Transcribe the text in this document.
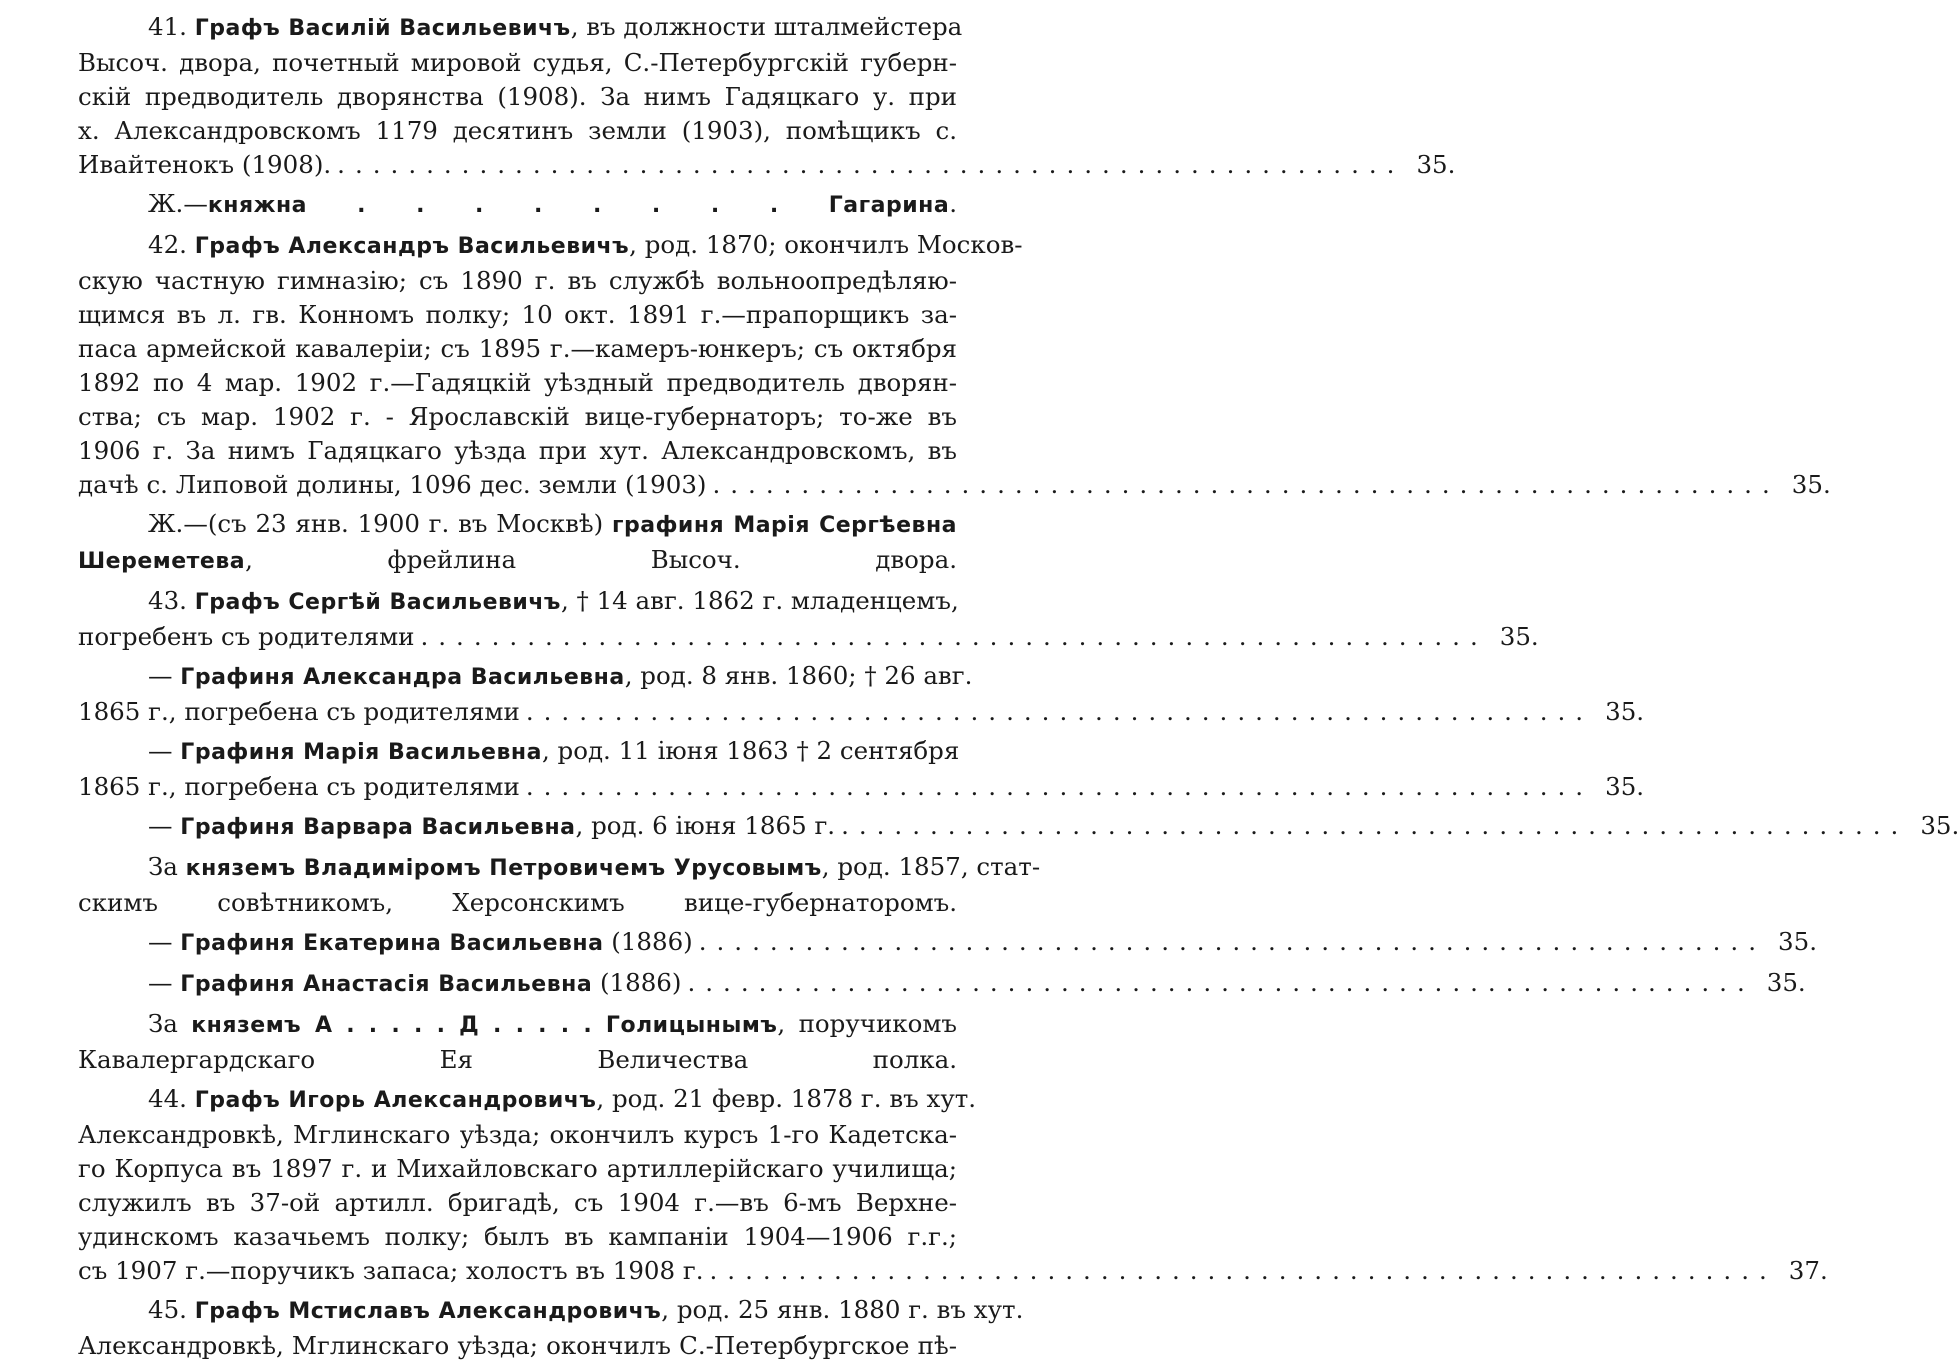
41. Графъ Василій Васильевичъ, въ должности шталмейстера
Высоч. двора, почетный мировой судья, С.-Петербургскій губерн-
скій предводитель дворянства (1908). За нимъ Гадяцкаго у. при
х. Александровскомъ 1179 десятинъ земли (1903), помѣщикъ с.
Ивайтенокъ (1908). ............................................................ 35.
Ж.—княжна . . . . . . . . Гагарина.
42. Графъ Александръ Васильевичъ, род. 1870; окончилъ Москов-
скую частную гимназію; съ 1890 г. въ службѣ вольноопредѣляю-
щимся въ л. гв. Конномъ полку; 10 окт. 1891 г.—прапорщикъ за-
паса армейской кавалеріи; съ 1895 г.—камеръ-юнкеръ; съ октября
1892 по 4 мар. 1902 г.—Гадяцкій уѣздный предводитель дворян-
ства; съ мар. 1902 г. - Ярославскій вице-губернаторъ; то-же въ
1906 г. За нимъ Гадяцкаго уѣзда при хут. Александровскомъ, въ
дачѣ с. Липовой долины, 1096 дес. земли (1903) ............................................................ 35.
Ж.—(съ 23 янв. 1900 г. въ Москвѣ) графиня Марія Сергѣевна
Шереметева, фрейлина Высоч. двора.
43. Графъ Сергѣй Васильевичъ, † 14 авг. 1862 г. младенцемъ,
погребенъ съ родителями ............................................................ 35.
— Графиня Александра Васильевна, род. 8 янв. 1860; † 26 авг.
1865 г., погребена съ родителями ............................................................ 35.
— Графиня Марія Васильевна, род. 11 іюня 1863 † 2 сентября
1865 г., погребена съ родителями ............................................................ 35.
— Графиня Варвара Васильевна, род. 6 іюня 1865 г. ............................................................ 35.
За княземъ Владиміромъ Петровичемъ Урусовымъ, род. 1857, стат-
скимъ совѣтникомъ, Херсонскимъ вице-губернаторомъ.
— Графиня Екатерина Васильевна (1886) ............................................................ 35.
— Графиня Анастасія Васильевна (1886) ............................................................ 35.
За княземъ А . . . . . Д . . . . . Голицынымъ, поручикомъ
Кавалергардскаго Ея Величества полка.
44. Графъ Игорь Александровичъ, род. 21 февр. 1878 г. въ хут.
Александровкѣ, Мглинскаго уѣзда; окончилъ курсъ 1-го Кадетска-
го Корпуса въ 1897 г. и Михайловскаго артиллерійскаго училища;
служилъ въ 37-ой артилл. бригадѣ, съ 1904 г.—въ 6-мъ Верхне-
удинскомъ казачьемъ полку; былъ въ кампаніи 1904—1906 г.г.;
съ 1907 г.—поручикъ запаса; холостъ въ 1908 г. ............................................................ 37.
45. Графъ Мстиславъ Александровичъ, род. 25 янв. 1880 г. въ хут.
Александровкѣ, Мглинскаго уѣзда; окончилъ С.-Петербургское пѣ-
